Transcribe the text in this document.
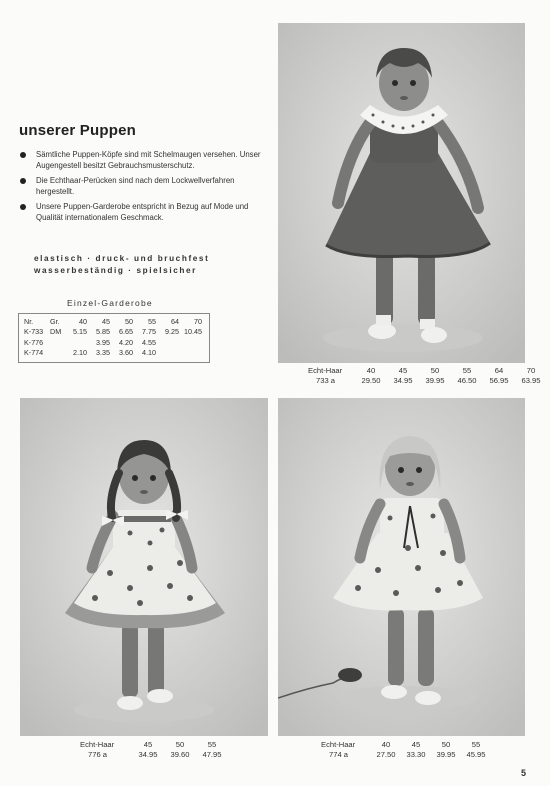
unserer Puppen
Sämtliche Puppen-Köpfe sind mit Schelmaugen versehen. Unser Augengestell besitzt Gebrauchsmusterschutz.
Die Echthaar-Perücken sind nach dem Lockwellverfahren hergestellt.
Unsere Puppen-Garderobe entspricht in Bezug auf Mode und Qualität internationalem Geschmack.
elastisch · druck- und bruchfest
wasserbeständig · spielsicher
Einzel-Garderobe
Nr.	Gr.	40	45	50	55	64	70
K-733	DM	5.15	5.85	6.65	7.75	9.25	10.45
K-776			3.95	4.20	4.55		
K-774		2.10	3.35	3.60	4.10		
Echt-Haar	40	45	50	55	64	70
733 a	29.50	34.95	39.95	46.50	56.95	63.95
Echt-Haar	45	50	55
776 a	34.95	39.60	47.95
Echt-Haar	40	45	50	55
774 a	27.50	33.30	39.95	45.95
5
